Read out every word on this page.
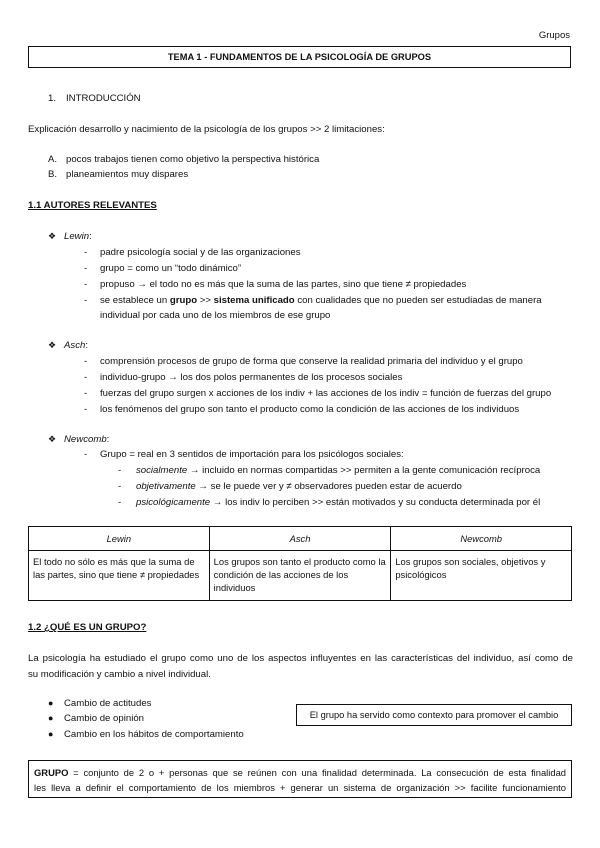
Grupos
TEMA 1 - FUNDAMENTOS DE LA PSICOLOGÍA DE GRUPOS
1. INTRODUCCIÓN
Explicación desarrollo y nacimiento de la psicología de los grupos >> 2 limitaciones:
A. pocos trabajos tienen como objetivo la perspectiva histórica
B. planeamientos muy dispares
1.1 AUTORES RELEVANTES
❖ Lewin:
- padre psicología social y de las organizaciones
- grupo = como un “todo dinámico”
- propuso → el todo no es más que la suma de las partes, sino que tiene ≠ propiedades
- se establece un grupo >> sistema unificado con cualidades que no pueden ser estudiadas de manera
individual por cada uno de los miembros de ese grupo
❖ Asch:
- comprensión procesos de grupo de forma que conserve la realidad primaria del individuo y el grupo
- individuo-grupo → los dos polos permanentes de los procesos sociales
- fuerzas del grupo surgen x acciones de los indiv + las acciones de los indiv = función de fuerzas del grupo
- los fenómenos del grupo son tanto el producto como la condición de las acciones de los individuos
❖ Newcomb:
- Grupo = real en 3 sentidos de importación para los psicólogos sociales:
- socialmente → incluido en normas compartidas >> permiten a la gente comunicación recíproca
- objetivamente → se le puede ver y ≠ observadores pueden estar de acuerdo
- psicológicamente → los indiv lo perciben >> están motivados y su conducta determinada por él
Lewin	Asch	Newcomb
El todo no sólo es más que la suma de las partes, sino que tiene ≠ propiedades	Los grupos son tanto el producto como la condición de las acciones de los individuos	Los grupos son sociales, objetivos y psicológicos
1.2 ¿QUÉ ES UN GRUPO?
La psicología ha estudiado el grupo como uno de los aspectos influyentes en las características del individuo, así como de
su modificación y cambio a nivel individual.
● Cambio de actitudes
● Cambio de opinión
● Cambio en los hábitos de comportamiento
El grupo ha servido como contexto para promover el cambio
GRUPO = conjunto de 2 o + personas que se reúnen con una finalidad determinada. La consecución de esta finalidad
les lleva a definir el comportamiento de los miembros + generar un sistema de organización >> facilite funcionamiento
